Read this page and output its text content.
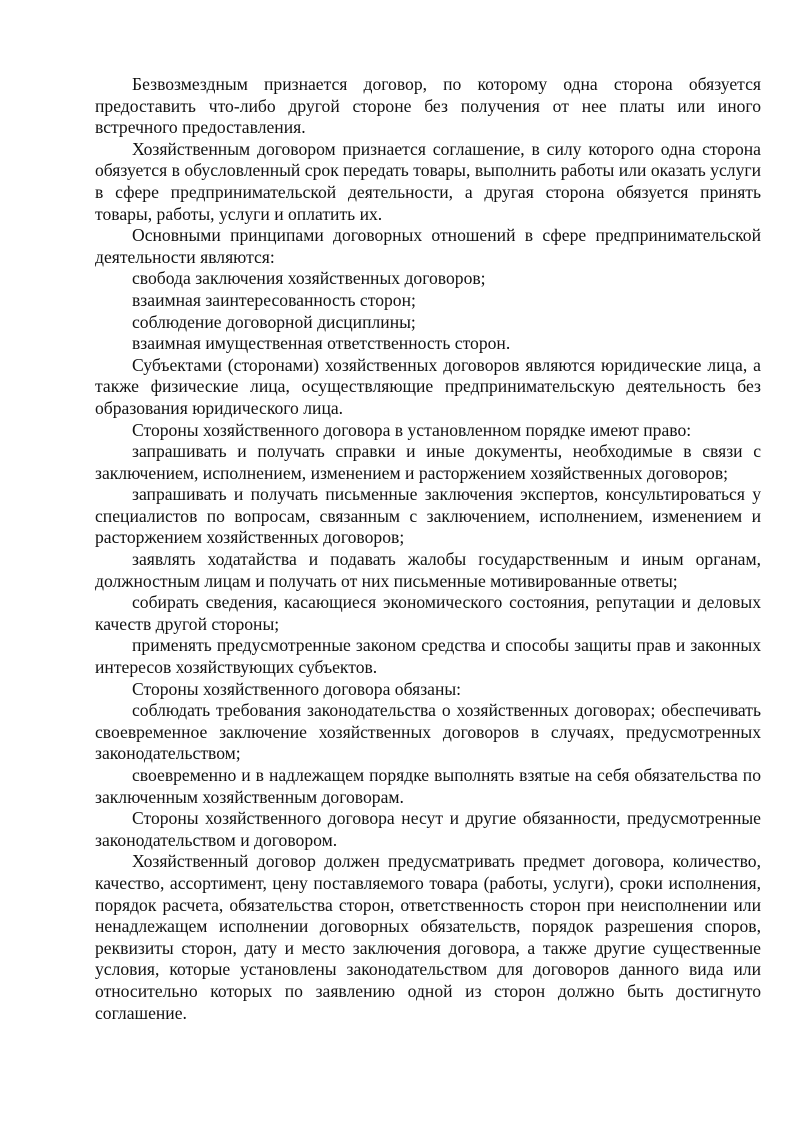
Безвозмездным признается договор, по которому одна сторона обязуется предоставить что-либо другой стороне без получения от нее платы или иного встречного предоставления.

Хозяйственным договором признается соглашение, в силу которого одна сторона обязуется в обусловленный срок передать товары, выполнить работы или оказать услуги в сфере предпринимательской деятельности, а другая сторона обязуется принять товары, работы, услуги и оплатить их.

Основными принципами договорных отношений в сфере предпринимательской деятельности являются:

свобода заключения хозяйственных договоров;

взаимная заинтересованность сторон;

соблюдение договорной дисциплины;

взаимная имущественная ответственность сторон.

Субъектами (сторонами) хозяйственных договоров являются юридические лица, а также физические лица, осуществляющие предпринимательскую деятельность без образования юридического лица.

Стороны хозяйственного договора в установленном порядке имеют право:

запрашивать и получать справки и иные документы, необходимые в связи с заключением, исполнением, изменением и расторжением хозяйственных договоров;

запрашивать и получать письменные заключения экспертов, консультироваться у специалистов по вопросам, связанным с заключением, исполнением, изменением и расторжением хозяйственных договоров;

заявлять ходатайства и подавать жалобы государственным и иным органам, должностным лицам и получать от них письменные мотивированные ответы;

собирать сведения, касающиеся экономического состояния, репутации и деловых качеств другой стороны;

применять предусмотренные законом средства и способы защиты прав и законных интересов хозяйствующих субъектов.

Стороны хозяйственного договора обязаны:

соблюдать требования законодательства о хозяйственных договорах; обеспечивать своевременное заключение хозяйственных договоров в случаях, предусмотренных законодательством;

своевременно и в надлежащем порядке выполнять взятые на себя обязательства по заключенным хозяйственным договорам.

Стороны хозяйственного договора несут и другие обязанности, предусмотренные законодательством и договором.

Хозяйственный договор должен предусматривать предмет договора, количество, качество, ассортимент, цену поставляемого товара (работы, услуги), сроки исполнения, порядок расчета, обязательства сторон, ответственность сторон при неисполнении или ненадлежащем исполнении договорных обязательств, порядок разрешения споров, реквизиты сторон, дату и место заключения договора, а также другие существенные условия, которые установлены законодательством для договоров данного вида или относительно которых по заявлению одной из сторон должно быть достигнуто соглашение.
